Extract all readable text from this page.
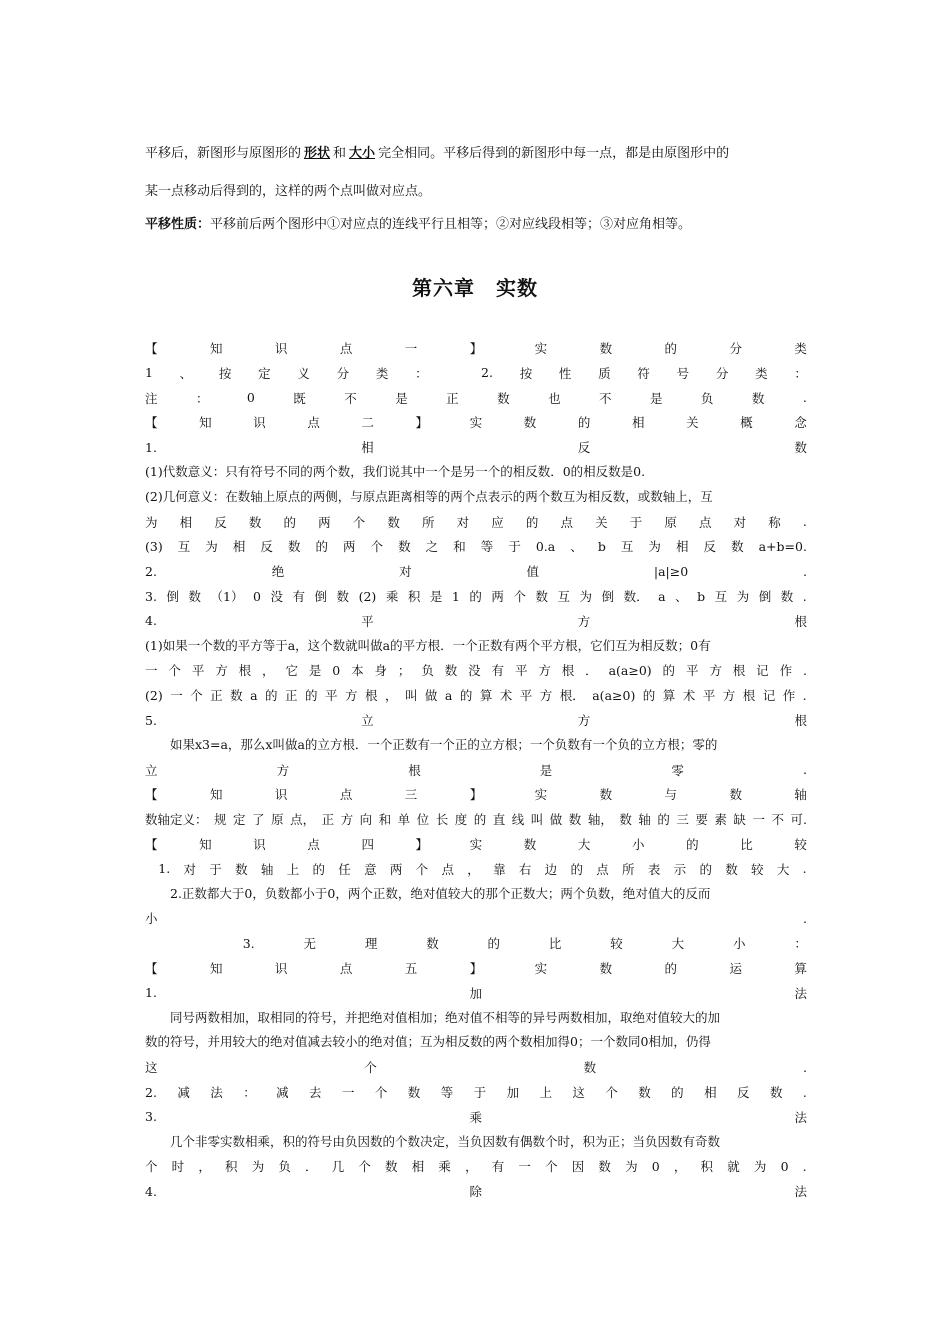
平移后，新图形与原图形的 形状 和 大小 完全相同。平移后得到的新图形中每一点，都是由原图形中的
某一点移动后得到的，这样的两个点叫做对应点。
平移性质：平移前后两个图形中①对应点的连线平行且相等；②对应线段相等；③对应角相等。
第六章　实数
【	知	识	点	一	】	实	数	的	分	类
1 、 按 定 义 分 类 ：	2. 按 性 质 符 号 分 类 ：
注	：	0	既	不	是	正	数	也	不	是	负	数	.
【	知	识	点	二	】	实	数	的	相	关	概	念
1.	相	反	数
(1)代数意义：只有符号不同的两个数，我们说其中一个是另一个的相反数．0的相反数是0.
(2)几何意义：在数轴上原点的两侧，与原点距离相等的两个点表示的两个数互为相反数，或数轴上，互
为 相 反 数 的 两 个 数 所 对 应 的 点 关 于 原 点 对 称 .
(3) 互 为 相 反 数 的 两 个 数 之 和 等 于 0.a 、 b 互 为 相 反 数 a+b=0.
2.	绝	对	值	|a|≥0	.
3. 倒 数 （1） 0 没 有 倒 数 (2) 乘 积 是 1 的 两 个 数 互 为 倒 数． a 、 b 互 为 倒 数 .
4.	平	方	根
(1)如果一个数的平方等于a，这个数就叫做a的平方根．一个正数有两个平方根，它们互为相反数；0有
一 个 平 方 根 ， 它 是 0 本 身 ； 负 数 没 有 平 方 根 ． a(a≥0) 的 平 方 根 记 作 .
(2) 一 个 正 数 a 的 正 的 平 方 根 ， 叫 做 a 的 算 术 平 方 根． a(a≥0) 的 算 术 平 方 根 记 作 .
5.	立	方	根
　　如果x3=a，那么x叫做a的立方根．一个正数有一个正的立方根；一个负数有一个负的立方根；零的
立	方	根	是	零	.
【	知	识	点	三	】	实	数	与	数	轴
数轴定义： 规 定 了 原 点， 正 方 向 和 单 位 长 度 的 直 线 叫 做 数 轴， 数 轴 的 三 要 素 缺 一 不 可.
【	知	识	点	四	】	实	数	大	小	的	比	较
1. 对 于 数 轴 上 的 任 意 两 个 点 ， 靠 右 边 的 点 所 表 示 的 数 较 大 .
　　2.正数都大于0，负数都小于0，两个正数，绝对值较大的那个正数大；两个负数，绝对值大的反而
小	.
3.	无	理	数	的	比	较	大	小	：
【	知	识	点	五	】	实	数	的	运	算
1.	加	法
　　同号两数相加，取相同的符号，并把绝对值相加；绝对值不相等的异号两数相加，取绝对值较大的加
数的符号，并用较大的绝对值减去较小的绝对值；互为相反数的两个数相加得0；一个数同0相加，仍得
这	个	数	.
2. 减 法 ： 减 去 一 个 数 等 于 加 上 这 个 数 的 相 反 数 .
3.	乘	法
　　几个非零实数相乘，积的符号由负因数的个数决定，当负因数有偶数个时，积为正；当负因数有奇数
个 时 ， 积 为 负 ． 几 个 数 相 乘 ， 有 一 个 因 数 为 0 ， 积 就 为 0 .
4.	除	法
